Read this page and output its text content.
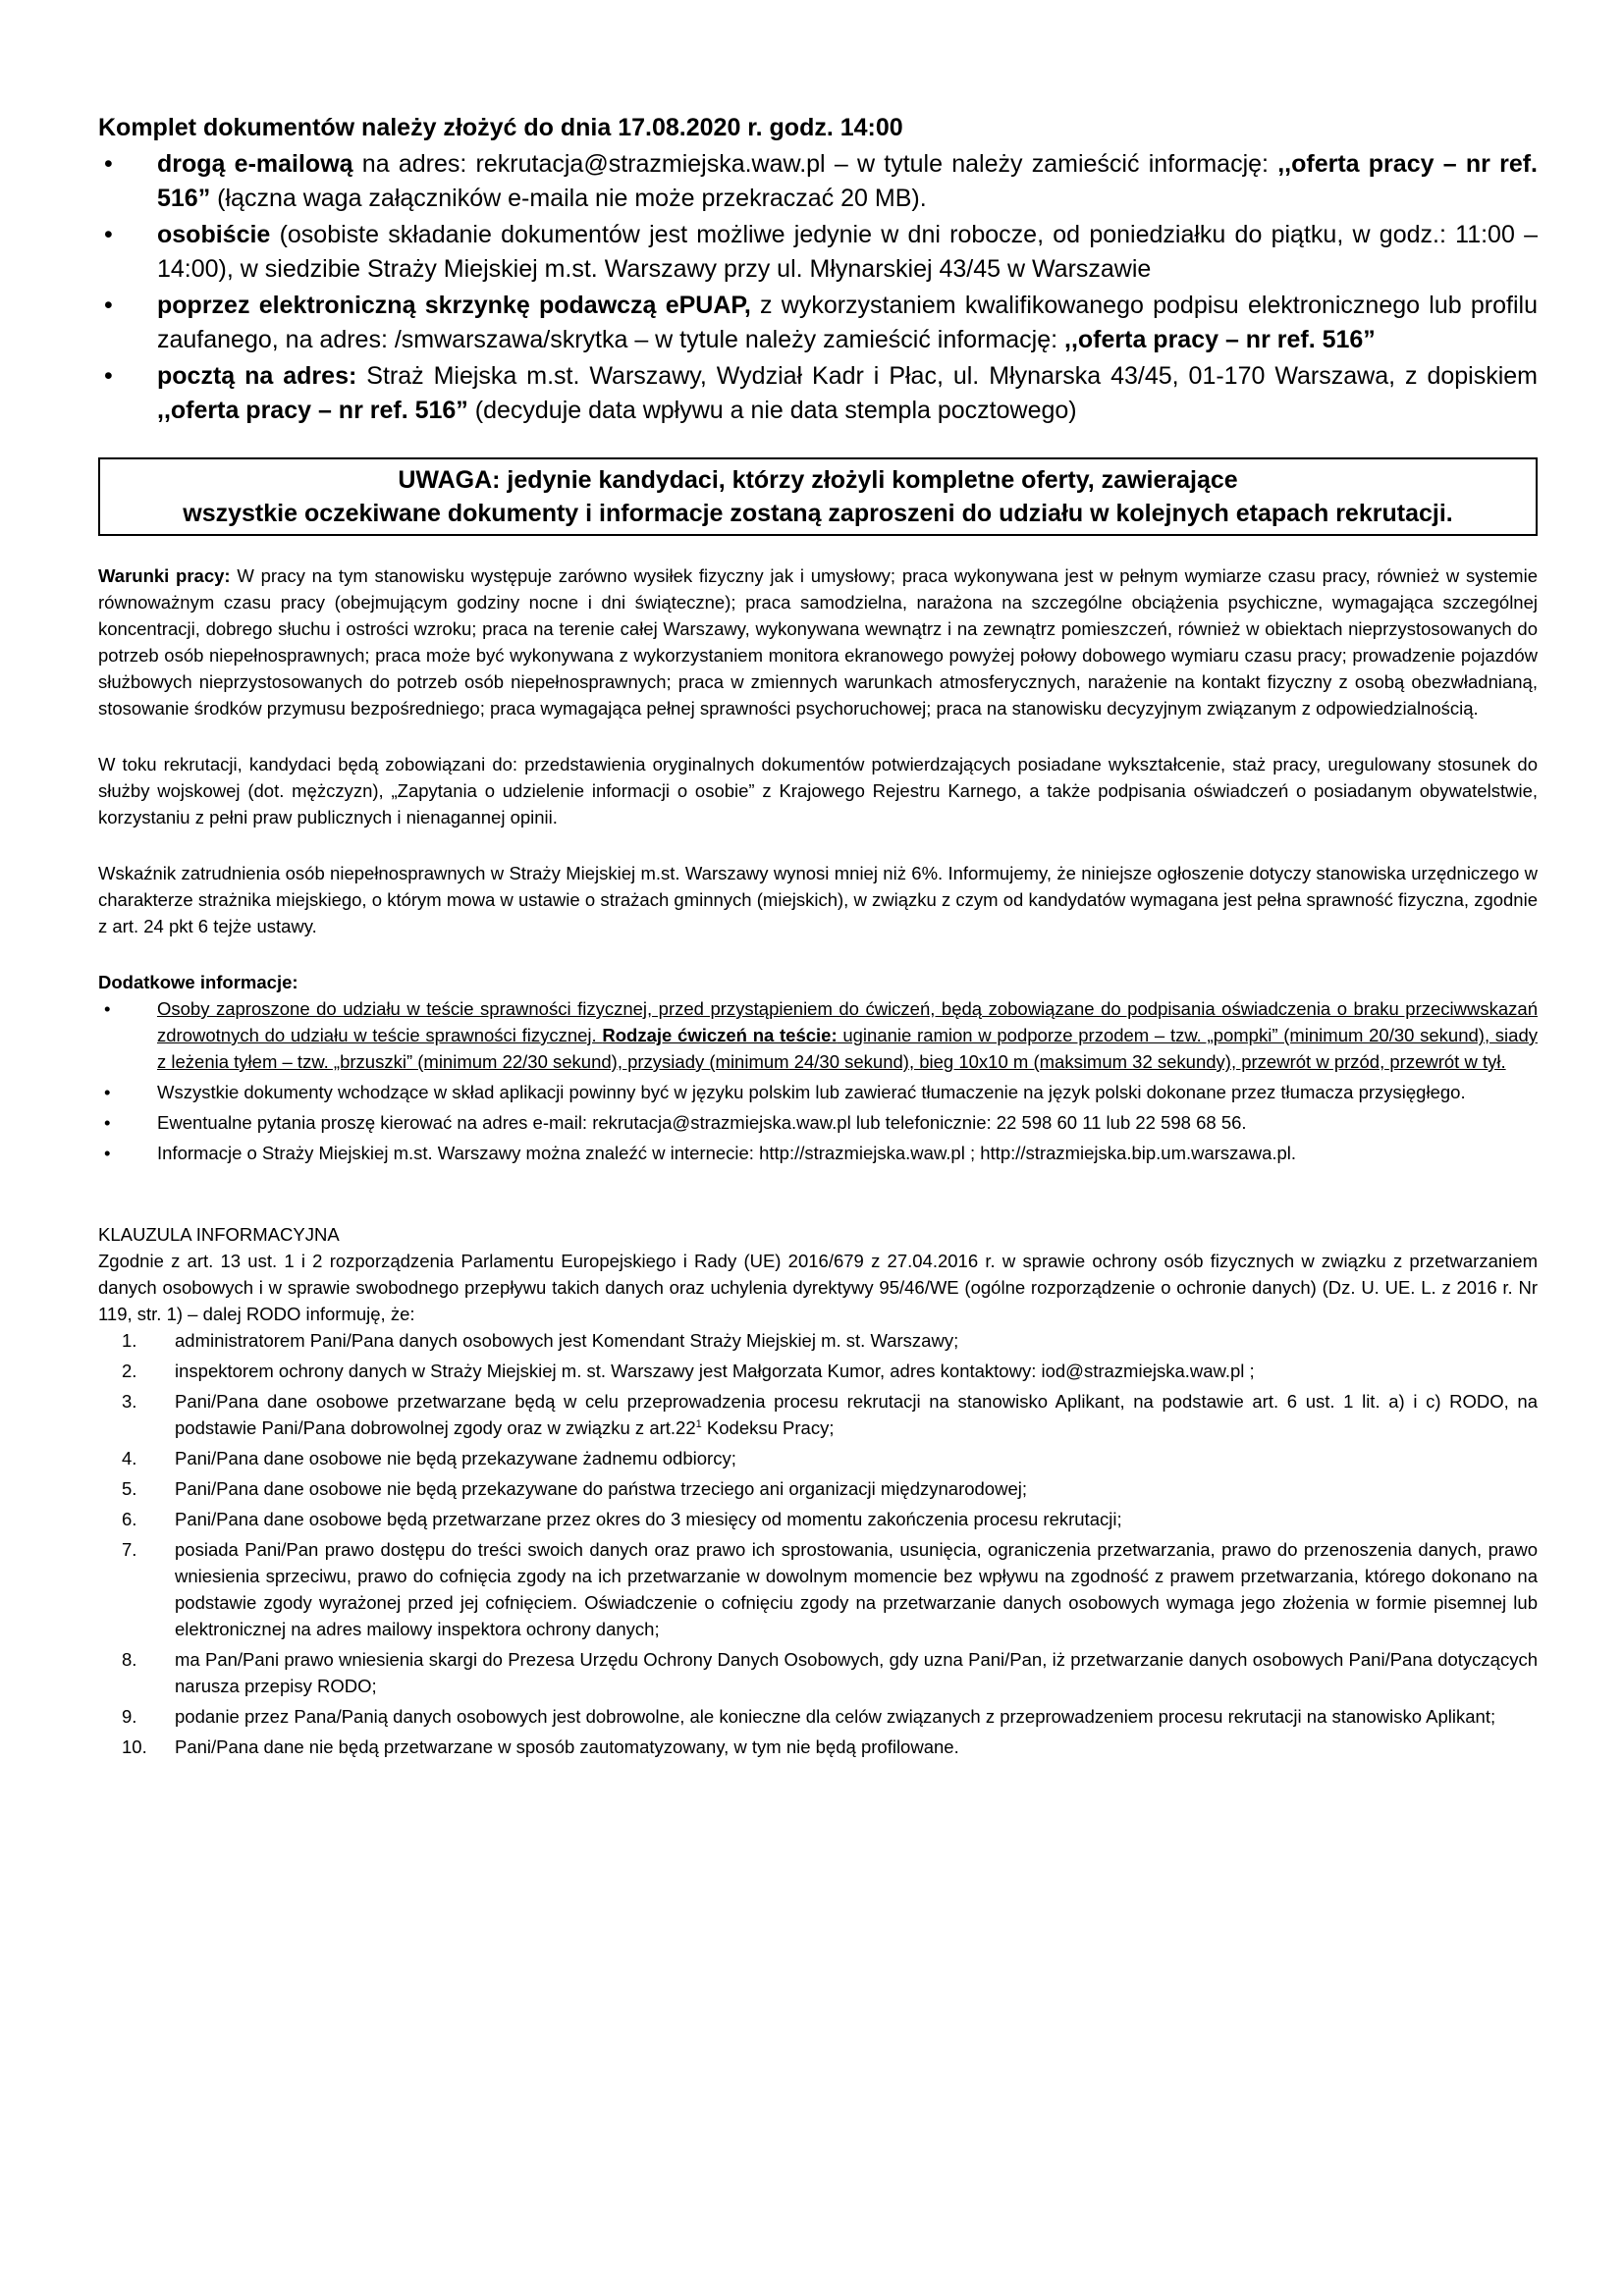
Komplet dokumentów należy złożyć do dnia 17.08.2020 r. godz. 14:00
• drogą e-mailową na adres: rekrutacja@strazmiejska.waw.pl – w tytule należy zamieścić informację: ,,oferta pracy – nr ref. 516” (łączna waga załączników e-maila nie może przekraczać 20 MB).
• osobiście (osobiste składanie dokumentów jest możliwe jedynie w dni robocze, od poniedziałku do piątku, w godz.: 11:00 – 14:00), w siedzibie Straży Miejskiej m.st. Warszawy przy ul. Młynarskiej 43/45 w Warszawie
• poprzez elektroniczną skrzynkę podawczą ePUAP, z wykorzystaniem kwalifikowanego podpisu elektronicznego lub profilu zaufanego, na adres: /smwarszawa/skrytka – w tytule należy zamieścić informację: ,,oferta pracy – nr ref. 516”
• pocztą na adres: Straż Miejska m.st. Warszawy, Wydział Kadr i Płac, ul. Młynarska 43/45, 01-170 Warszawa, z dopiskiem ,,oferta pracy – nr ref. 516” (decyduje data wpływu a nie data stempla pocztowego)
UWAGA: jedynie kandydaci, którzy złożyli kompletne oferty, zawierające
wszystkie oczekiwane dokumenty i informacje zostaną zaproszeni do udziału w kolejnych etapach rekrutacji.

Warunki pracy: W pracy na tym stanowisku występuje zarówno wysiłek fizyczny jak i umysłowy; praca wykonywana jest w pełnym wymiarze czasu pracy, również w systemie równoważnym czasu pracy (obejmującym godziny nocne i dni świąteczne); praca samodzielna, narażona na szczególne obciążenia psychiczne, wymagająca szczególnej koncentracji, dobrego słuchu i ostrości wzroku; praca na terenie całej Warszawy, wykonywana wewnątrz i na zewnątrz pomieszczeń, również w obiektach nieprzystosowanych do potrzeb osób niepełnosprawnych; praca może być wykonywana z wykorzystaniem monitora ekranowego powyżej połowy dobowego wymiaru czasu pracy; prowadzenie pojazdów służbowych nieprzystosowanych do potrzeb osób niepełnosprawnych; praca w zmiennych warunkach atmosferycznych, narażenie na kontakt fizyczny z osobą obezwładnianą, stosowanie środków przymusu bezpośredniego; praca wymagająca pełnej sprawności psychoruchowej; praca na stanowisku decyzyjnym związanym z odpowiedzialnością.

W toku rekrutacji, kandydaci będą zobowiązani do: przedstawienia oryginalnych dokumentów potwierdzających posiadane wykształcenie, staż pracy, uregulowany stosunek do służby wojskowej (dot. mężczyzn), „Zapytania o udzielenie informacji o osobie” z Krajowego Rejestru Karnego, a także podpisania oświadczeń o posiadanym obywatelstwie, korzystaniu z pełni praw publicznych i nienagannej opinii.

Wskaźnik zatrudnienia osób niepełnosprawnych w Straży Miejskiej m.st. Warszawy wynosi mniej niż 6%. Informujemy, że niniejsze ogłoszenie dotyczy stanowiska urzędniczego w charakterze strażnika miejskiego, o którym mowa w ustawie o strażach gminnych (miejskich), w związku z czym od kandydatów wymagana jest pełna sprawność fizyczna, zgodnie z art. 24 pkt 6 tejże ustawy.

Dodatkowe informacje:
•	Osoby zaproszone do udziału w teście sprawności fizycznej, przed przystąpieniem do ćwiczeń, będą zobowiązane do podpisania oświadczenia o braku przeciwwskazań zdrowotnych do udziału w teście sprawności fizycznej. Rodzaje ćwiczeń na teście: uginanie ramion w podporze przodem – tzw. „pompki” (minimum 20/30 sekund), siady z leżenia tyłem – tzw. „brzuszki” (minimum 22/30 sekund), przysiady (minimum 24/30 sekund), bieg 10x10 m (maksimum 32 sekundy), przewrót w przód, przewrót w tył.
•	Wszystkie dokumenty wchodzące w skład aplikacji powinny być w języku polskim lub zawierać tłumaczenie na język polski dokonane przez tłumacza przysięgłego.
•	Ewentualne pytania proszę kierować na adres e-mail: rekrutacja@strazmiejska.waw.pl lub telefonicznie: 22 598 60 11 lub 22 598 68 56.
•	Informacje o Straży Miejskiej m.st. Warszawy można znaleźć w internecie: http://strazmiejska.waw.pl ; http://strazmiejska.bip.um.warszawa.pl.
KLAUZULA INFORMACYJNA

Zgodnie z art. 13 ust. 1 i 2 rozporządzenia Parlamentu Europejskiego i Rady (UE) 2016/679 z 27.04.2016 r. w sprawie ochrony osób fizycznych w związku z przetwarzaniem danych osobowych i w sprawie swobodnego przepływu takich danych oraz uchylenia dyrektywy 95/46/WE (ogólne rozporządzenie o ochronie danych) (Dz. U. UE. L. z 2016 r. Nr 119, str. 1) – dalej RODO informuję, że:

1. administratorem Pani/Pana danych osobowych jest Komendant Straży Miejskiej m. st. Warszawy;
2. inspektorem ochrony danych w Straży Miejskiej m. st. Warszawy jest Małgorzata Kumor, adres kontaktowy: iod@strazmiejska.waw.pl ;
3. Pani/Pana dane osobowe przetwarzane będą w celu przeprowadzenia procesu rekrutacji na stanowisko Aplikant, na podstawie art. 6 ust. 1 lit. a) i c) RODO, na podstawie Pani/Pana dobrowolnej zgody oraz w związku z $art.22^1$ Kodeksu Pracy;
4. Pani/Pana dane osobowe nie będą przekazywane żadnemu odbiorcy;
5. Pani/Pana dane osobowe nie będą przekazywane do państwa trzeciego ani organizacji międzynarodowej;
6. Pani/Pana dane osobowe będą przetwarzane przez okres do 3 miesięcy od momentu zakończenia procesu rekrutacji;
7. posiada Pani/Pan prawo dostępu do treści swoich danych oraz prawo ich sprostowania, usunięcia, ograniczenia przetwarzania, prawo do przenoszenia danych, prawo wniesienia sprzeciwu, prawo do cofnięcia zgody na ich przetwarzanie w dowolnym momencie bez wpływu na zgodność z prawem przetwarzania, którego dokonano na podstawie zgody wyrażonej przed jej cofnięciem. Oświadczenie o cofnięciu zgody na przetwarzanie danych osobowych wymaga jego złożenia w formie pisemnej lub elektronicznej na adres mailowy inspektora ochrony danych;
8. ma Pan/Pani prawo wniesienia skargi do Prezesa Urzędu Ochrony Danych Osobowych, gdy uzna Pani/Pan, iż przetwarzanie danych osobowych Pani/Pana dotyczących narusza przepisy RODO;
9. podanie przez Pana/Panią danych osobowych jest dobrowolne, ale konieczne dla celów związanych z przeprowadzeniem procesu rekrutacji na stanowisko Aplikant;
10. Pani/Pana dane nie będą przetwarzane w sposób zautomatyzowany, w tym nie będą profilowane.
